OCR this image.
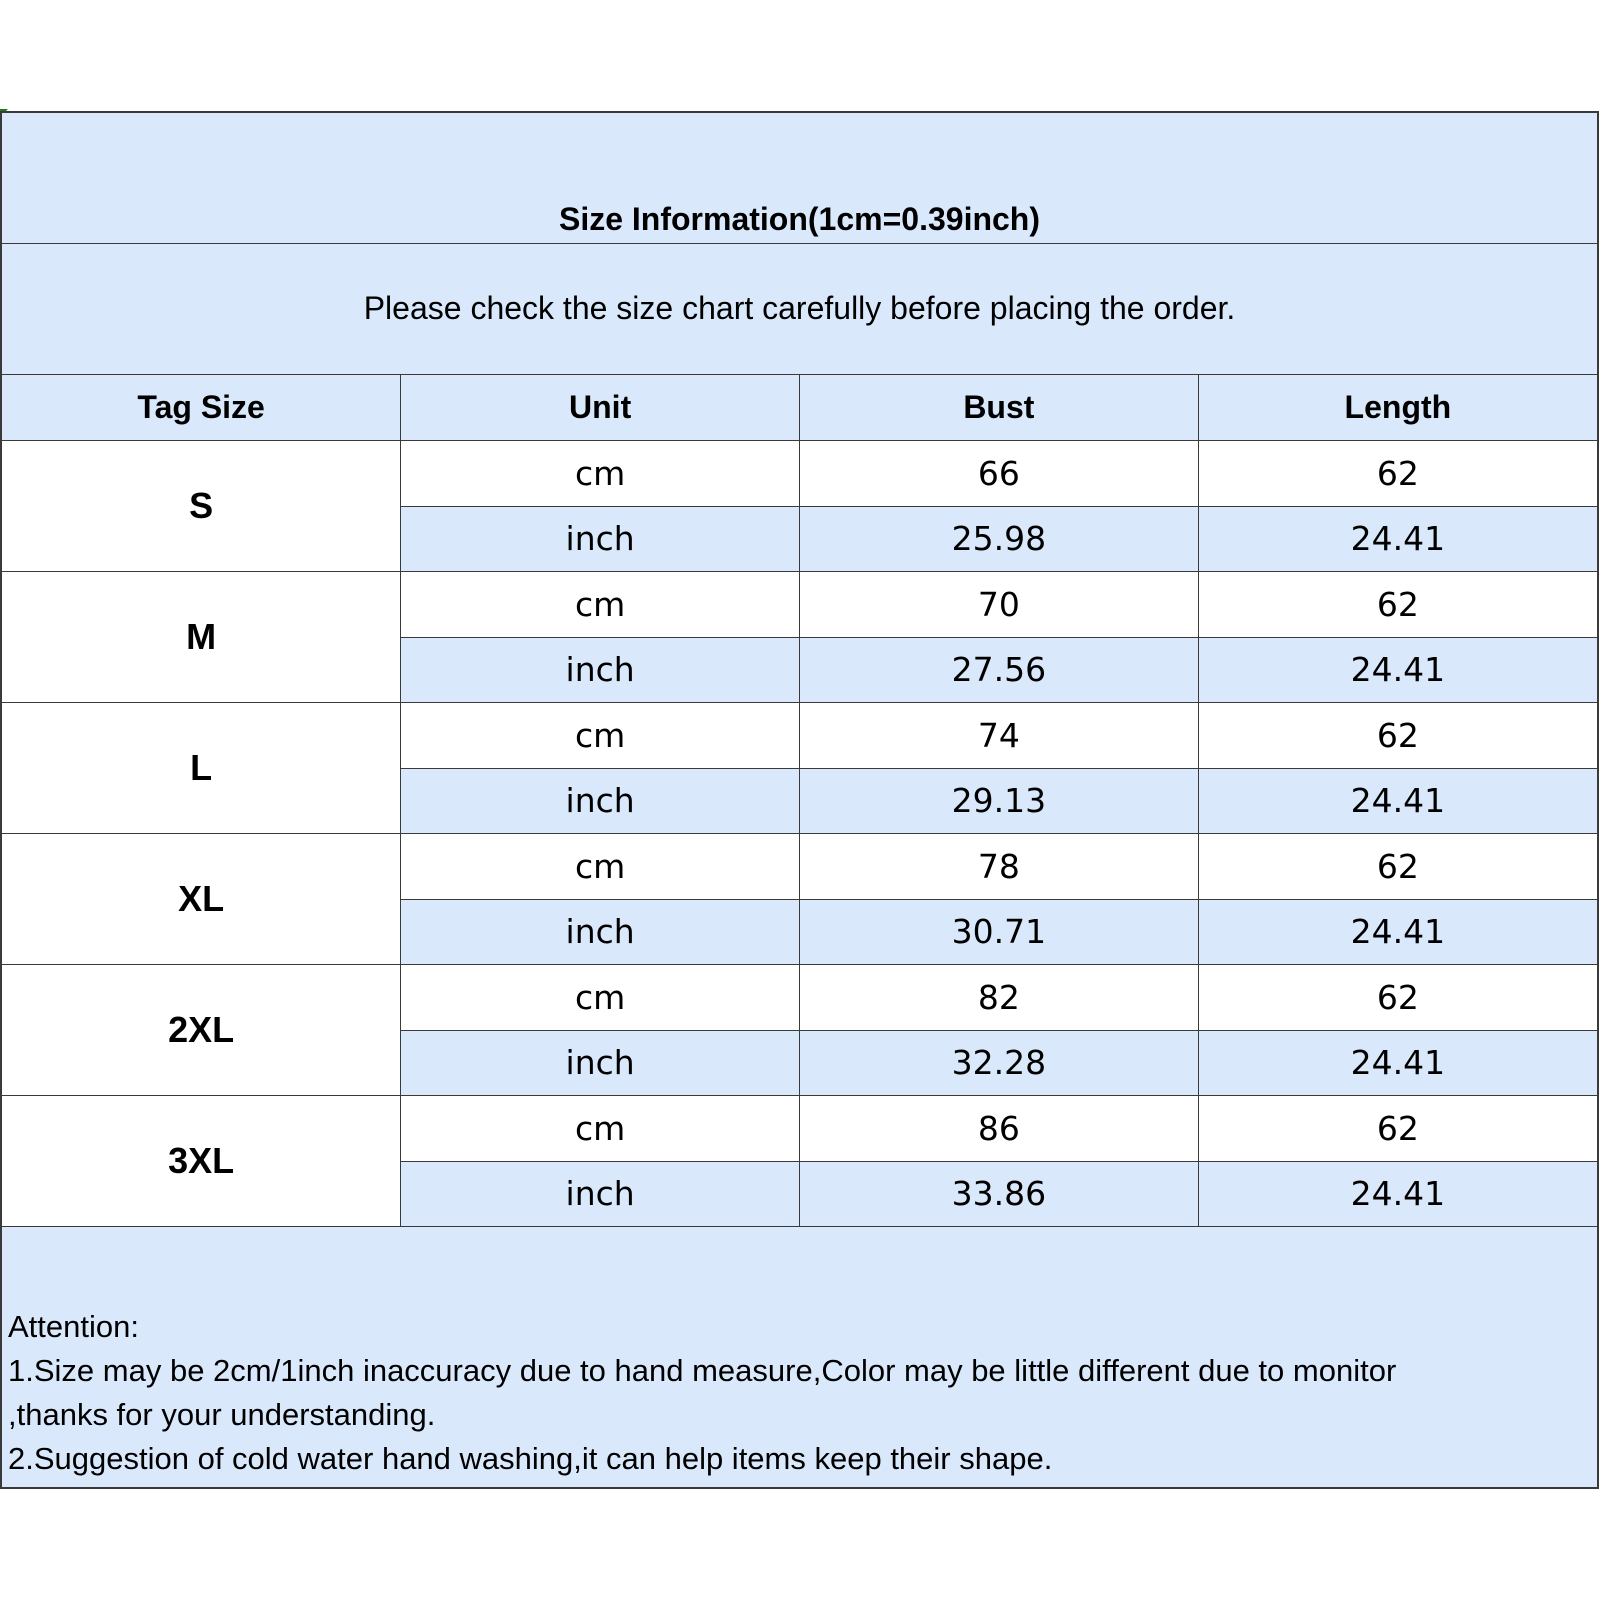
Size Information(1cm=0.39inch)
Please check the size chart carefully before placing the order.
Tag Size	Unit	Bust	Length
S	cm	66	62
	inch	25.98	24.41
M	cm	70	62
	inch	27.56	24.41
L	cm	74	62
	inch	29.13	24.41
XL	cm	78	62
	inch	30.71	24.41
2XL	cm	82	62
	inch	32.28	24.41
3XL	cm	86	62
	inch	33.86	24.41
Attention:
1.Size may be 2cm/1inch inaccuracy due to hand measure,Color may be little different due to monitor
,thanks for your understanding.
2.Suggestion of cold water hand washing,it can help items keep their shape.
